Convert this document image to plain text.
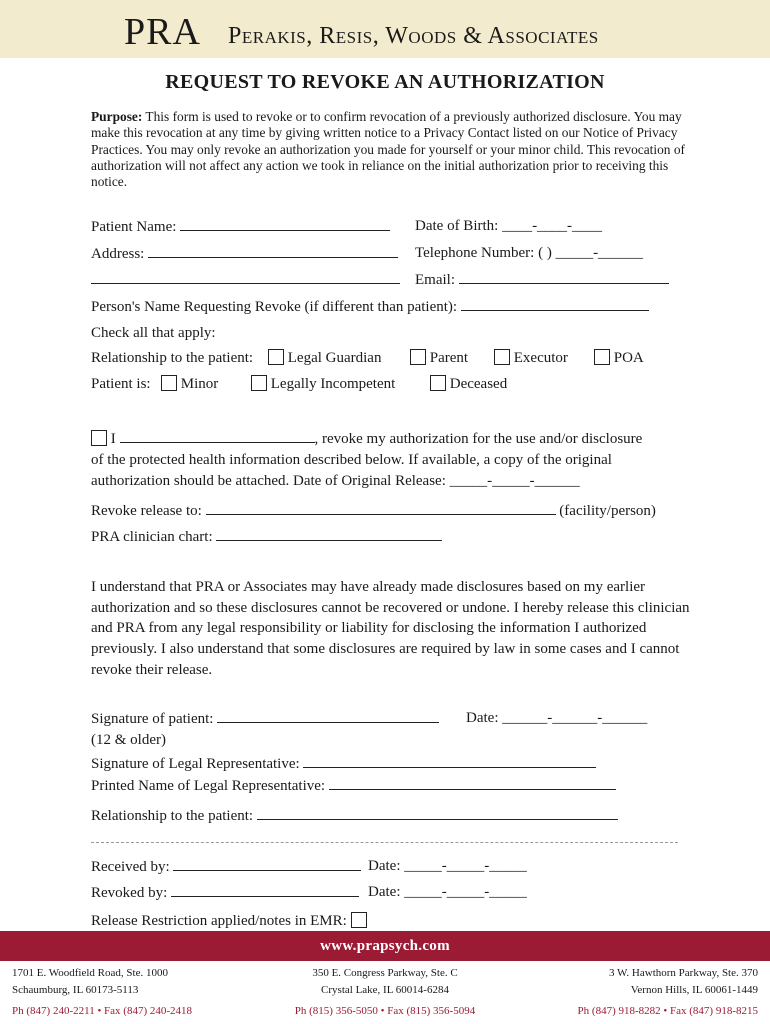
PRA Perakis, Resis, Woods & Associates
REQUEST TO REVOKE AN AUTHORIZATION
Purpose: This form is used to revoke or to confirm revocation of a previously authorized disclosure. You may make this revocation at any time by giving written notice to a Privacy Contact listed on our Notice of Privacy Practices. You may only revoke an authorization you made for yourself or your minor child. This revocation of authorization will not affect any action we took in reliance on the initial authorization prior to receiving this notice.
Patient Name:	Date of Birth: ____-____-____
Address:	Telephone Number: ( ) _____-______
Email:
Person's Name Requesting Revoke (if different than patient):
Check all that apply:
Relationship to the patient:	Legal Guardian	Parent	Executor	POA
Patient is:	Minor	Legally Incompetent	Deceased
I	, revoke my authorization for the use and/or disclosure
of the protected health information described below. If available, a copy of the original
authorization should be attached. Date of Original Release: _____-_____-______
Revoke release to:	(facility/person)
PRA clinician chart:
I understand that PRA or Associates may have already made disclosures based on my earlier authorization and so these disclosures cannot be recovered or undone. I hereby release this clinician and PRA from any legal responsibility or liability for disclosing the information I authorized previously. I also understand that some disclosures are required by law in some cases and I cannot revoke their release.
Signature of patient:	Date: ______-______-______
(12 & older)
Signature of Legal Representative:
Printed Name of Legal Representative:
Relationship to the patient:
Received by:	Date: _____-_____-_____
Revoked by:	Date: _____-_____-_____
Release Restriction applied/notes in EMR:
www.prapsych.com
1701 E. Woodfield Road, Ste. 1000
Schaumburg, IL 60173-5113
Ph (847) 240-2211 • Fax (847) 240-2418
350 E. Congress Parkway, Ste. C
Crystal Lake, IL 60014-6284
Ph (815) 356-5050 • Fax (815) 356-5094
3 W. Hawthorn Parkway, Ste. 370
Vernon Hills, IL 60061-1449
Ph (847) 918-8282 • Fax (847) 918-8215
